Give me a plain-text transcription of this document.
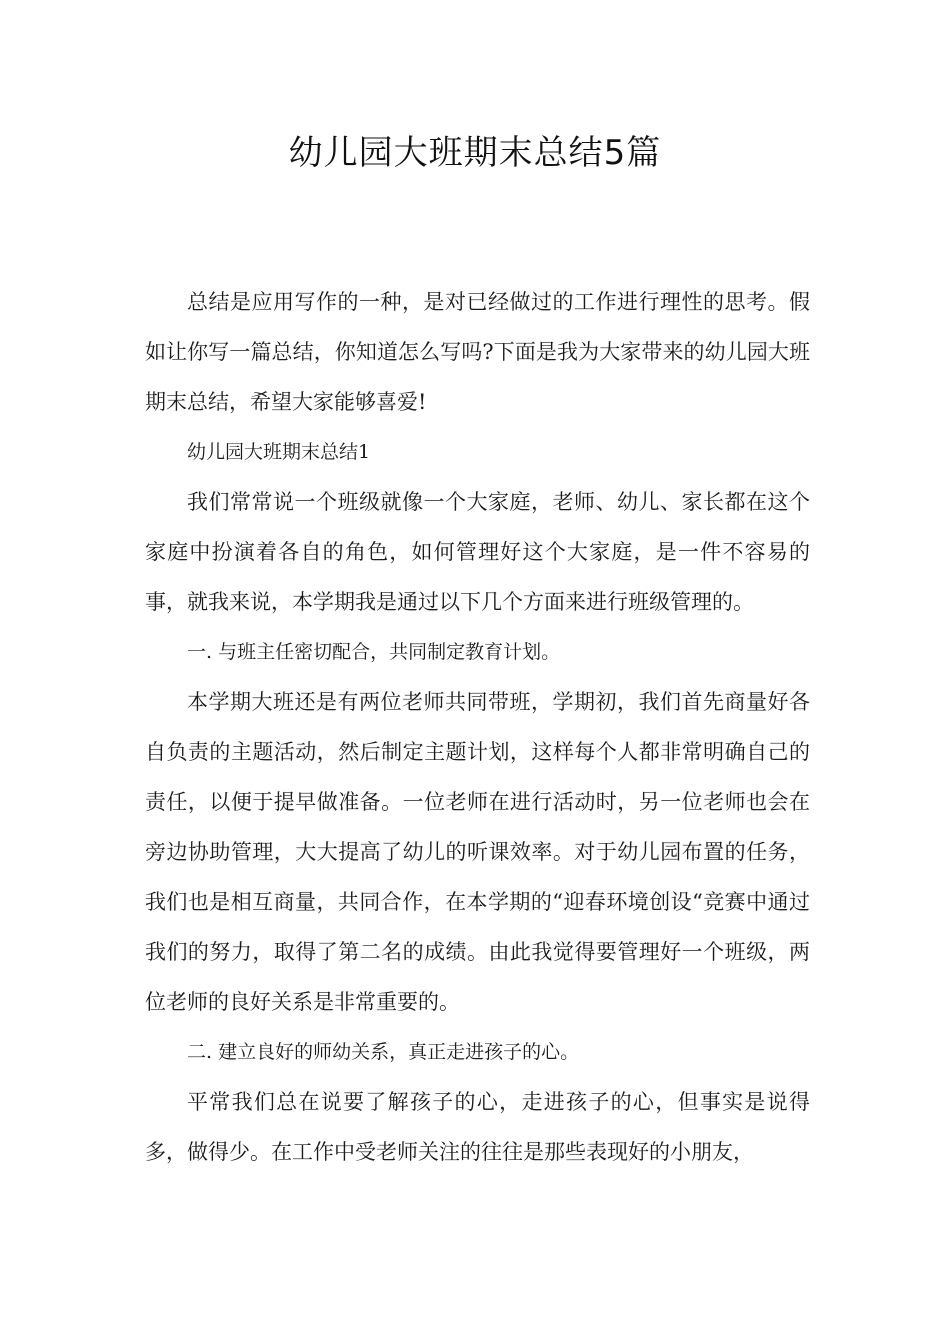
幼儿园大班期末总结5篇

总结是应用写作的一种，是对已经做过的工作进行理性的思考。假如让你写一篇总结，你知道怎么写吗?下面是我为大家带来的幼儿园大班期末总结，希望大家能够喜爱!

幼儿园大班期末总结1

我们常常说一个班级就像一个大家庭，老师、幼儿、家长都在这个家庭中扮演着各自的角色，如何管理好这个大家庭，是一件不容易的事，就我来说，本学期我是通过以下几个方面来进行班级管理的。

一. 与班主任密切配合，共同制定教育计划。

本学期大班还是有两位老师共同带班，学期初，我们首先商量好各自负责的主题活动，然后制定主题计划，这样每个人都非常明确自己的责任，以便于提早做准备。一位老师在进行活动时，另一位老师也会在旁边协助管理，大大提高了幼儿的听课效率。对于幼儿园布置的任务，我们也是相互商量，共同合作，在本学期的“迎春环境创设“竞赛中通过我们的努力，取得了第二名的成绩。由此我觉得要管理好一个班级，两位老师的良好关系是非常重要的。

二. 建立良好的师幼关系，真正走进孩子的心。

平常我们总在说要了解孩子的心，走进孩子的心，但事实是说得多，做得少。在工作中受老师关注的往往是那些表现好的小朋友，
